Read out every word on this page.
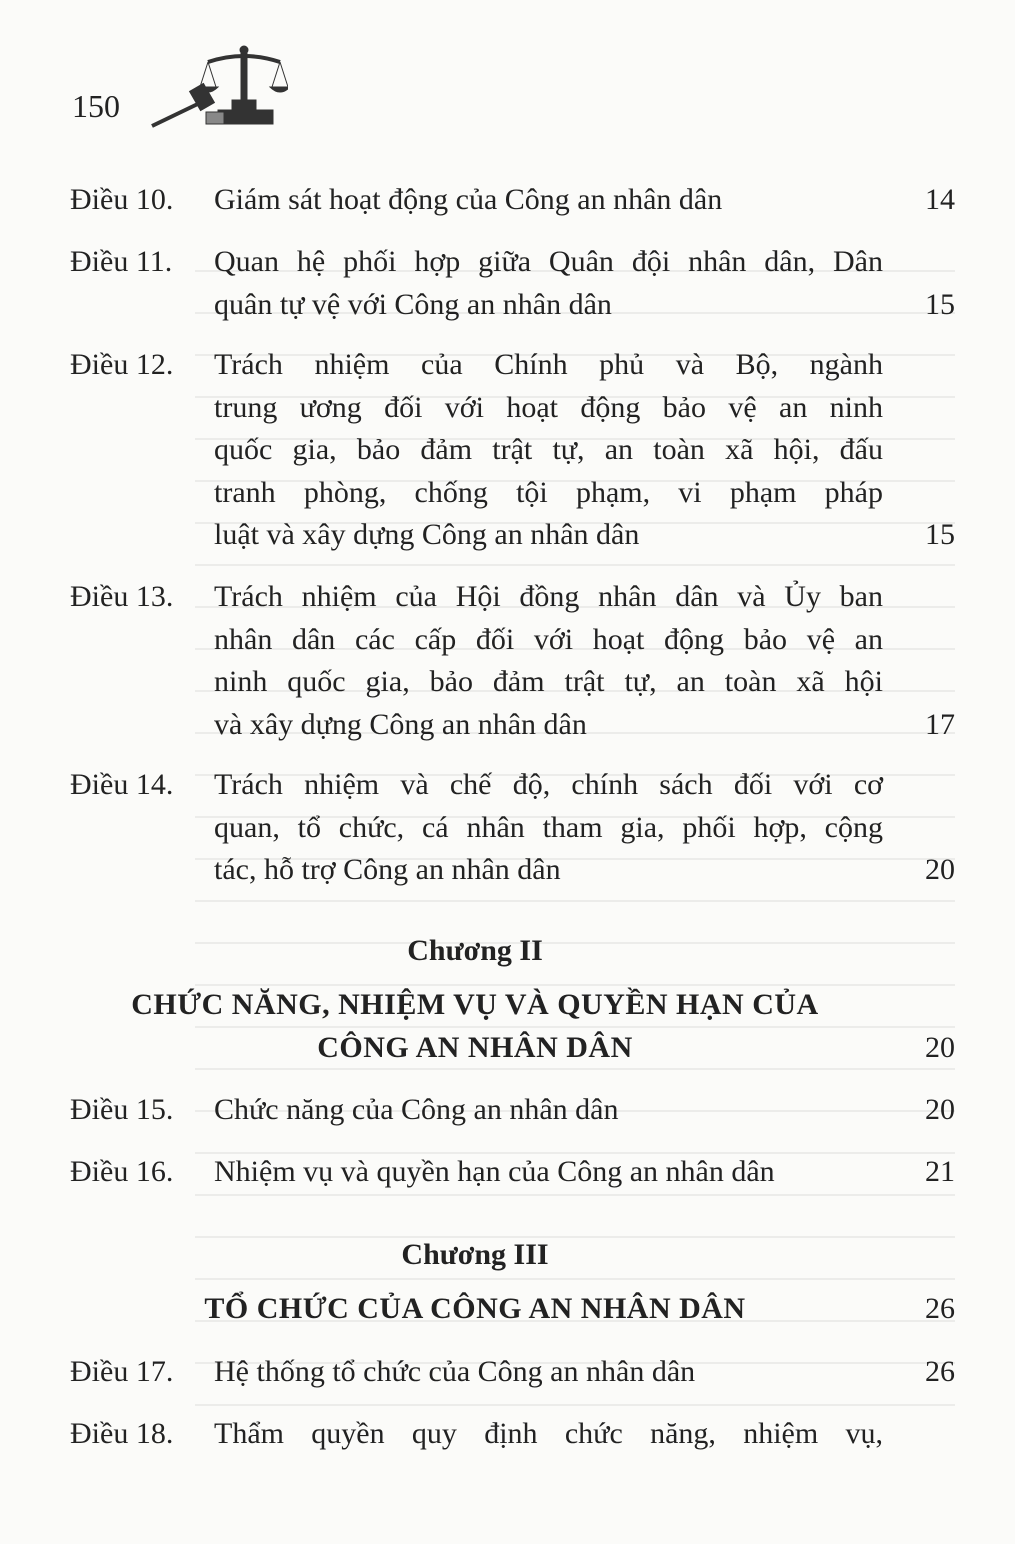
150
Điều 10. Giám sát hoạt động của Công an nhân dân	14
Điều 11. Quan hệ phối hợp giữa Quân đội nhân dân, Dân
quân tự vệ với Công an nhân dân	15
Điều 12. Trách nhiệm của Chính phủ và Bộ, ngành
trung ương đối với hoạt động bảo vệ an ninh
quốc gia, bảo đảm trật tự, an toàn xã hội, đấu
tranh phòng, chống tội phạm, vi phạm pháp
luật và xây dựng Công an nhân dân	15
Điều 13. Trách nhiệm của Hội đồng nhân dân và Ủy ban
nhân dân các cấp đối với hoạt động bảo vệ an
ninh quốc gia, bảo đảm trật tự, an toàn xã hội
và xây dựng Công an nhân dân	17
Điều 14. Trách nhiệm và chế độ, chính sách đối với cơ
quan, tổ chức, cá nhân tham gia, phối hợp, cộng
tác, hỗ trợ Công an nhân dân	20
Chương II
CHỨC NĂNG, NHIỆM VỤ VÀ QUYỀN HẠN CỦA
CÔNG AN NHÂN DÂN	20
Điều 15. Chức năng của Công an nhân dân	20
Điều 16. Nhiệm vụ và quyền hạn của Công an nhân dân	21
Chương III
TỔ CHỨC CỦA CÔNG AN NHÂN DÂN	26
Điều 17. Hệ thống tổ chức của Công an nhân dân	26
Điều 18. Thẩm quyền quy định chức năng, nhiệm vụ,
